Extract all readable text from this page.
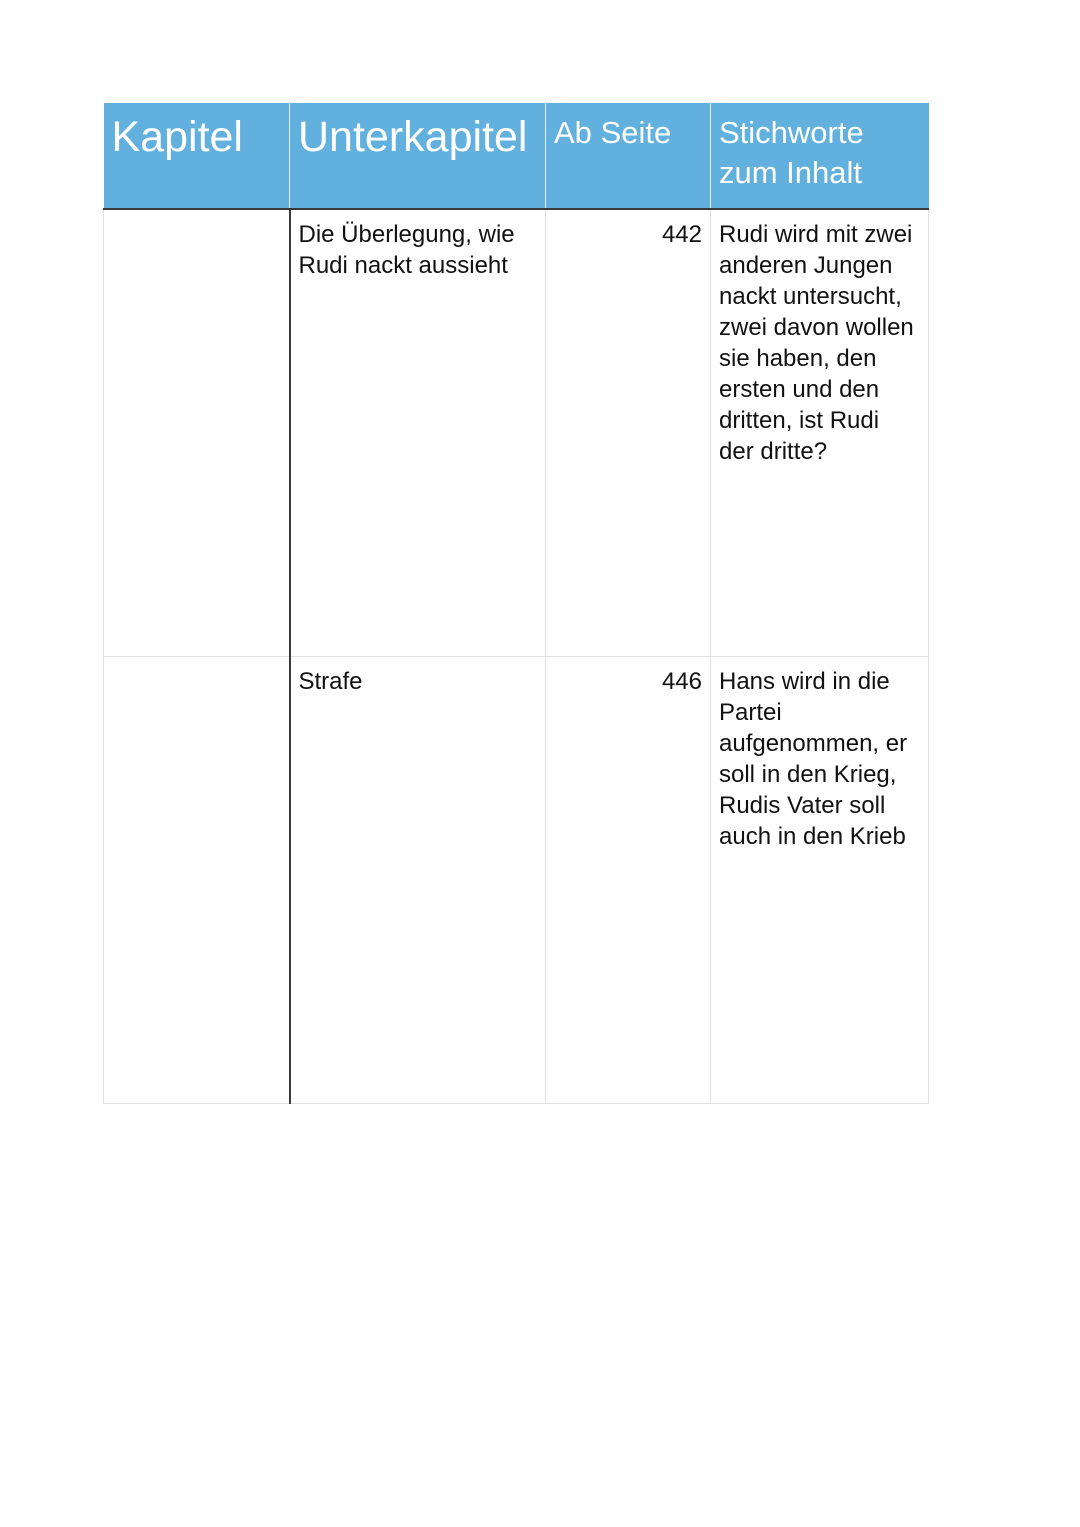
Kapitel	Unterkapitel	Ab Seite	Stichworte zum Inhalt
	Die Überlegung, wie Rudi nackt aussieht	442	Rudi wird mit zwei anderen Jungen nackt untersucht, zwei davon wollen sie haben, den ersten und den dritten, ist Rudi der dritte?
	Strafe	446	Hans wird in die Partei aufgenommen, er soll in den Krieg, Rudis Vater soll auch in den Krieb
